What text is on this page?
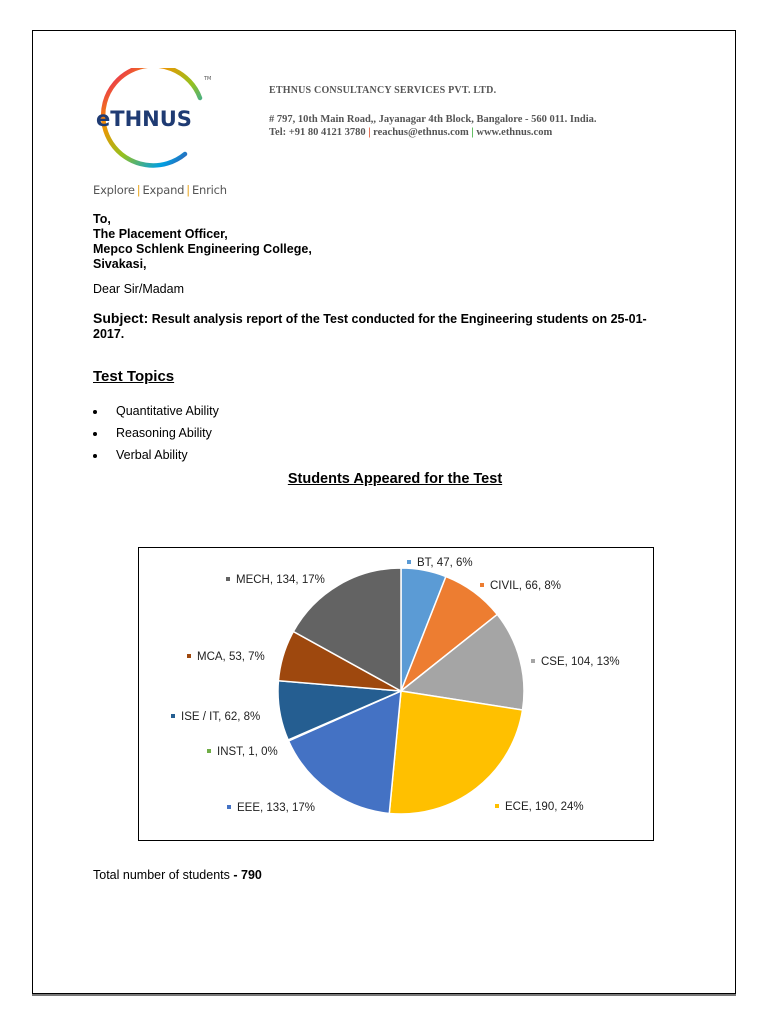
eTHNUS
TM
Explore | Expand | Enrich
ETHNUS CONSULTANCY SERVICES PVT. LTD.
# 797, 10th Main Road,, Jayanagar 4th Block, Bangalore - 560 011. India.
Tel: +91 80 4121 3780 | reachus@ethnus.com | www.ethnus.com
To,
The Placement Officer,
Mepco Schlenk Engineering College,
Sivakasi,
Dear Sir/Madam
Subject: Result analysis report of the Test conducted for the Engineering students on 25-01-2017.
Test Topics
Quantitative Ability
Reasoning Ability
Verbal Ability
Students Appeared for the Test
BT, 47, 6%
CIVIL, 66, 8%
CSE, 104, 13%
ECE, 190, 24%
EEE, 133, 17%
INST, 1, 0%
ISE / IT, 62, 8%
MCA, 53, 7%
MECH, 134, 17%
Total number of students - 790
